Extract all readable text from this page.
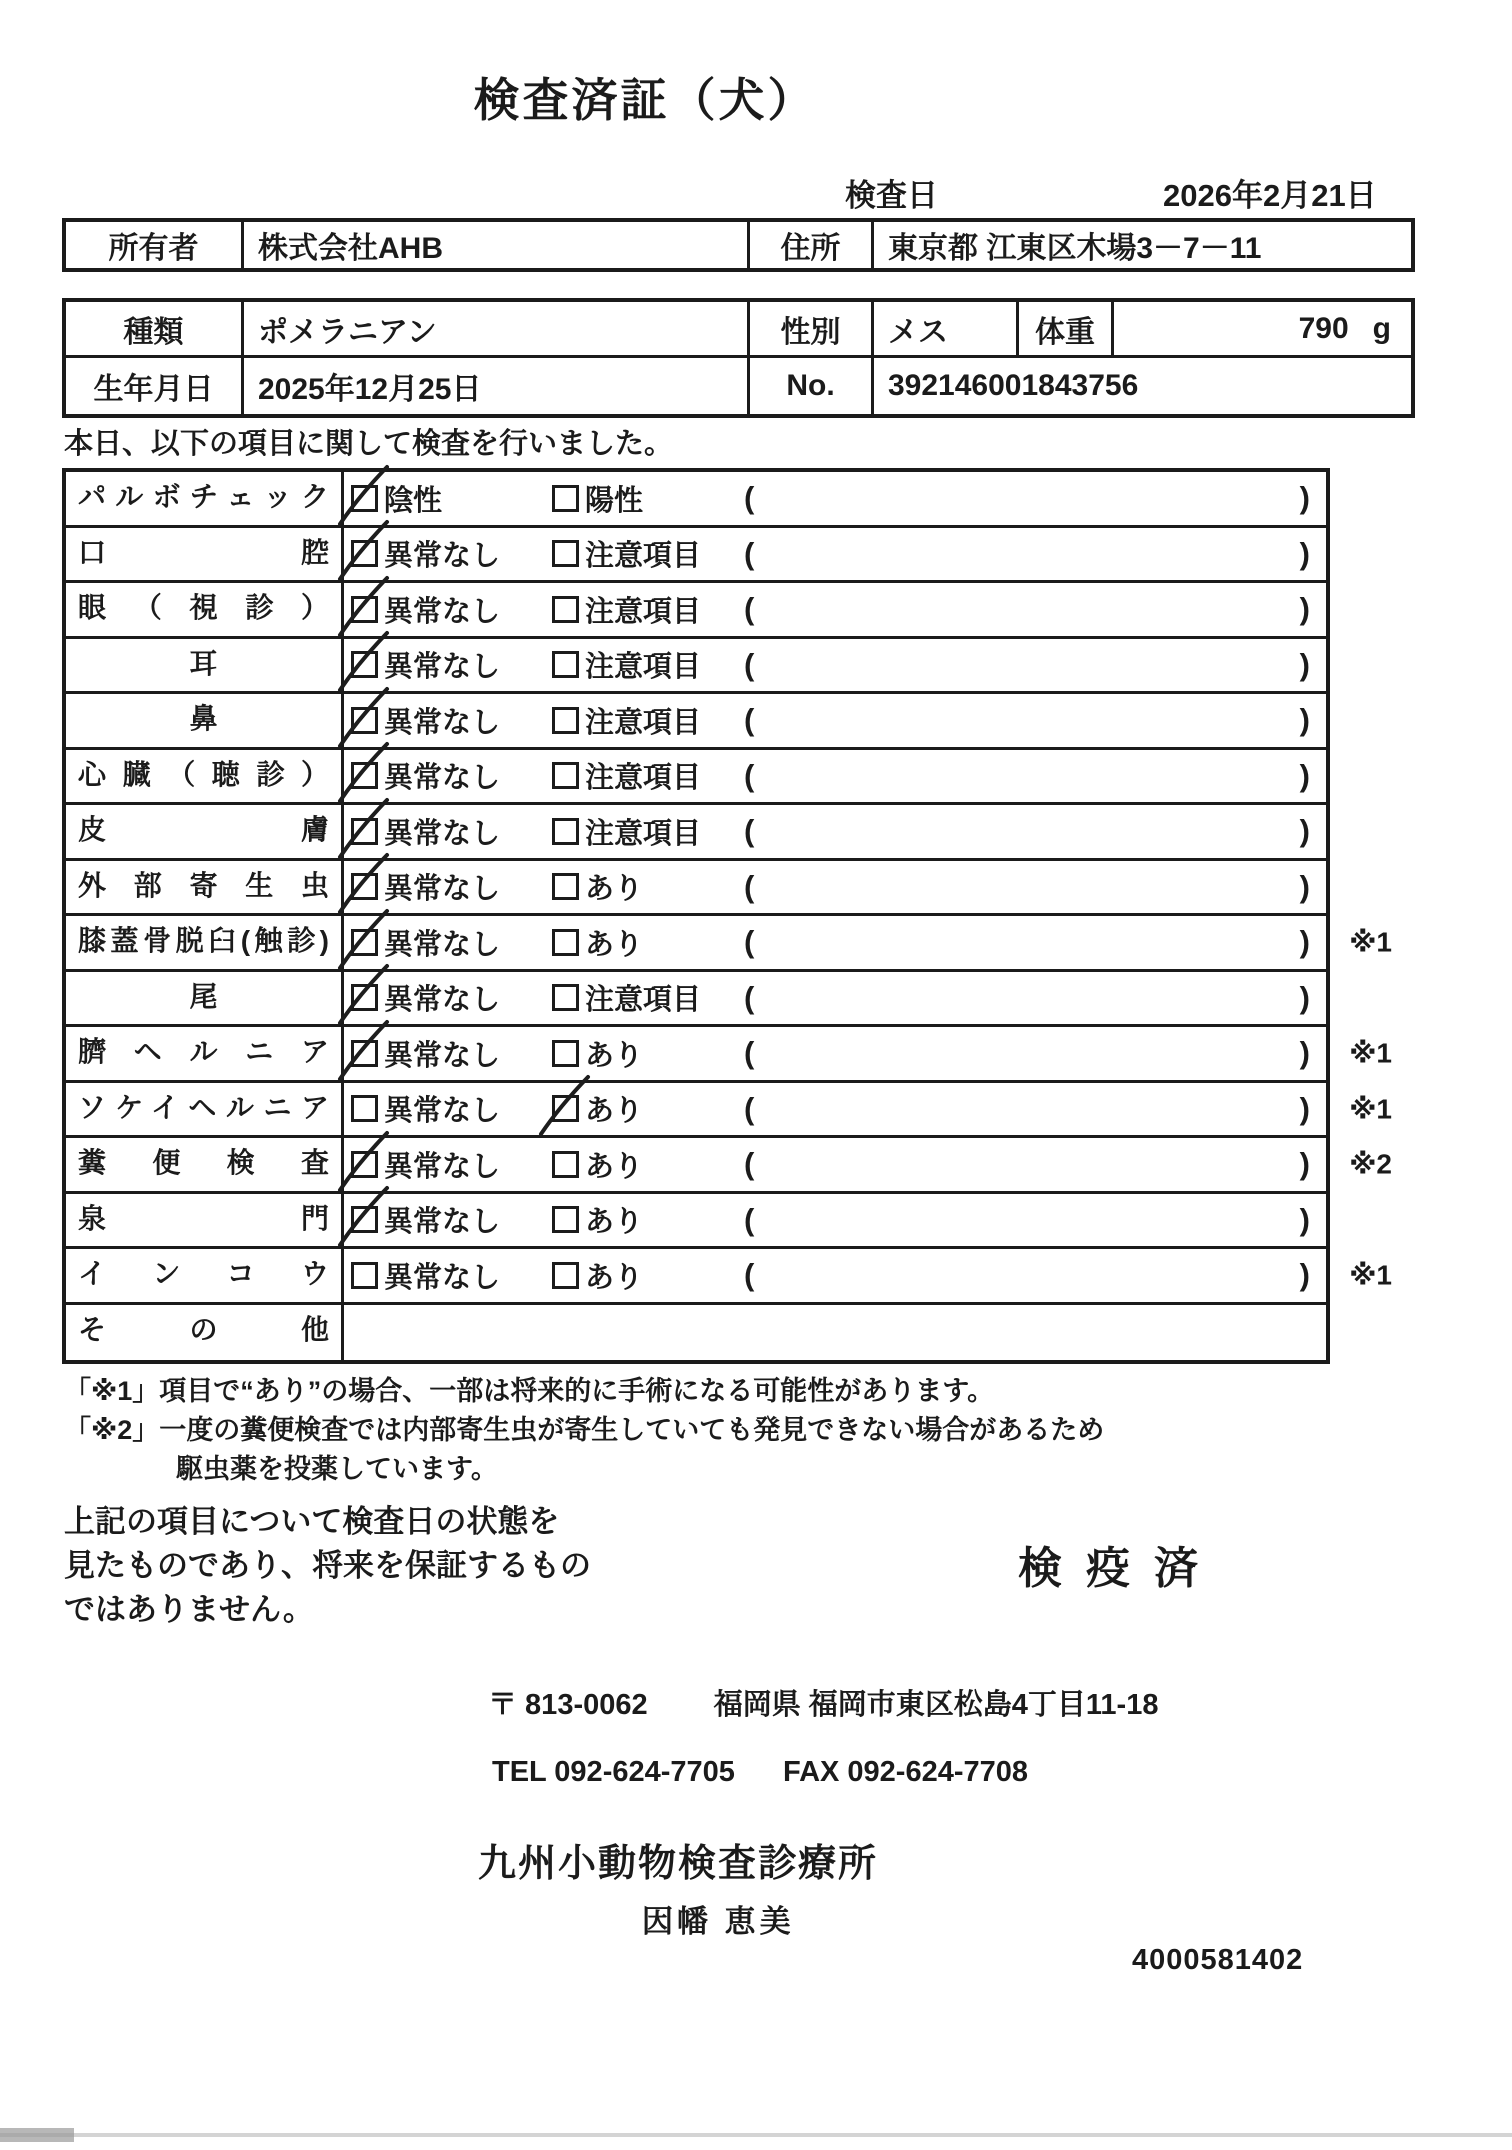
検査済証（犬）
検査日	2026年2月21日
所有者	株式会社AHB	住所	東京都 江東区木場3－7－11
種類	ポメラニアン	性別	メス	体重	790 g
生年月日	2025年12月25日	No.	392146001843756
本日、以下の項目に関して検査を行いました。
パルボチェック	陰性	陽性	(	)
口腔	異常なし	注意項目 (	)
眼（視診）	異常なし	注意項目 (	)
耳	異常なし	注意項目 (	)
鼻	異常なし	注意項目 (	)
心臓（聴診）	異常なし	注意項目 (	)
皮膚	異常なし	注意項目 (	)
外部寄生虫	異常なし	あり	(	)
膝蓋骨脱臼(触診)	異常なし	あり	(	) ※1
尾	異常なし	注意項目 (	)
臍ヘルニア	異常なし	あり	(	) ※1
ソケイヘルニア	異常なし	あり	(	) ※1
糞便検査	異常なし	あり	(	) ※2
泉門	異常なし	あり	(	)
インコウ	異常なし	あり	(	) ※1
その他
「※1」項目で“あり”の場合、一部は将来的に手術になる可能性があります。
「※2」一度の糞便検査では内部寄生虫が寄生していても発見できない場合があるため
駆虫薬を投薬しています。
上記の項目について検査日の状態を
見たものであり、将来を保証するもの
ではありません。
検疫済
〒 813-0062 福岡県 福岡市東区松島4丁目11-18
TEL 092-624-7705 FAX 092-624-7708
九州小動物検査診療所
因幡 恵美
4000581402
